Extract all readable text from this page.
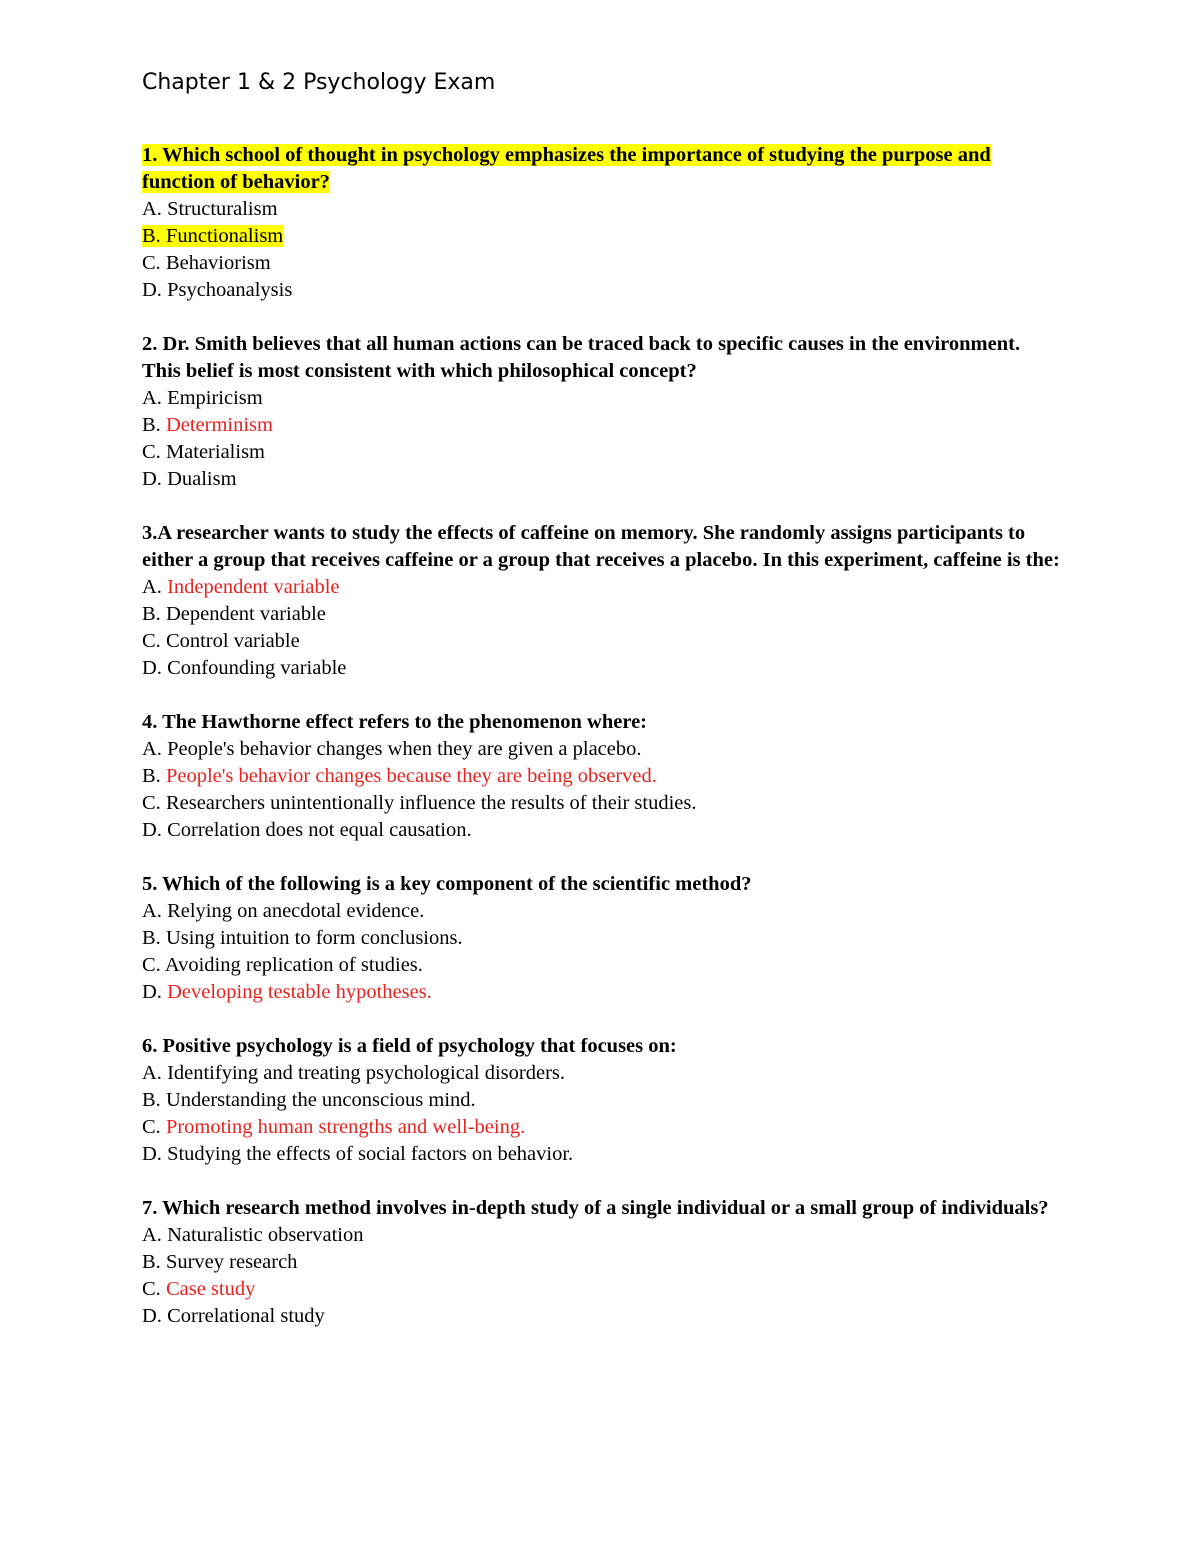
Chapter 1 & 2 Psychology Exam

1. Which school of thought in psychology emphasizes the importance of studying the purpose and function of behavior?

A. Structuralism

B. Functionalism

C. Behaviorism

D. Psychoanalysis

2. Dr. Smith believes that all human actions can be traced back to specific causes in the environment. This belief is most consistent with which philosophical concept?

A. Empiricism

B. Determinism

C. Materialism

D. Dualism

3.A researcher wants to study the effects of caffeine on memory. She randomly assigns participants to either a group that receives caffeine or a group that receives a placebo. In this experiment, caffeine is the:

A. Independent variable

B. Dependent variable

C. Control variable

D. Confounding variable

4. The Hawthorne effect refers to the phenomenon where:

A. People's behavior changes when they are given a placebo.

B. People's behavior changes because they are being observed.

C. Researchers unintentionally influence the results of their studies.

D. Correlation does not equal causation.

5. Which of the following is a key component of the scientific method?

A. Relying on anecdotal evidence.

B. Using intuition to form conclusions.

C. Avoiding replication of studies.

D. Developing testable hypotheses.

6. Positive psychology is a field of psychology that focuses on:

A. Identifying and treating psychological disorders.

B. Understanding the unconscious mind.

C. Promoting human strengths and well-being.

D. Studying the effects of social factors on behavior.

7. Which research method involves in-depth study of a single individual or a small group of individuals?

A. Naturalistic observation

B. Survey research

C. Case study

D. Correlational study
